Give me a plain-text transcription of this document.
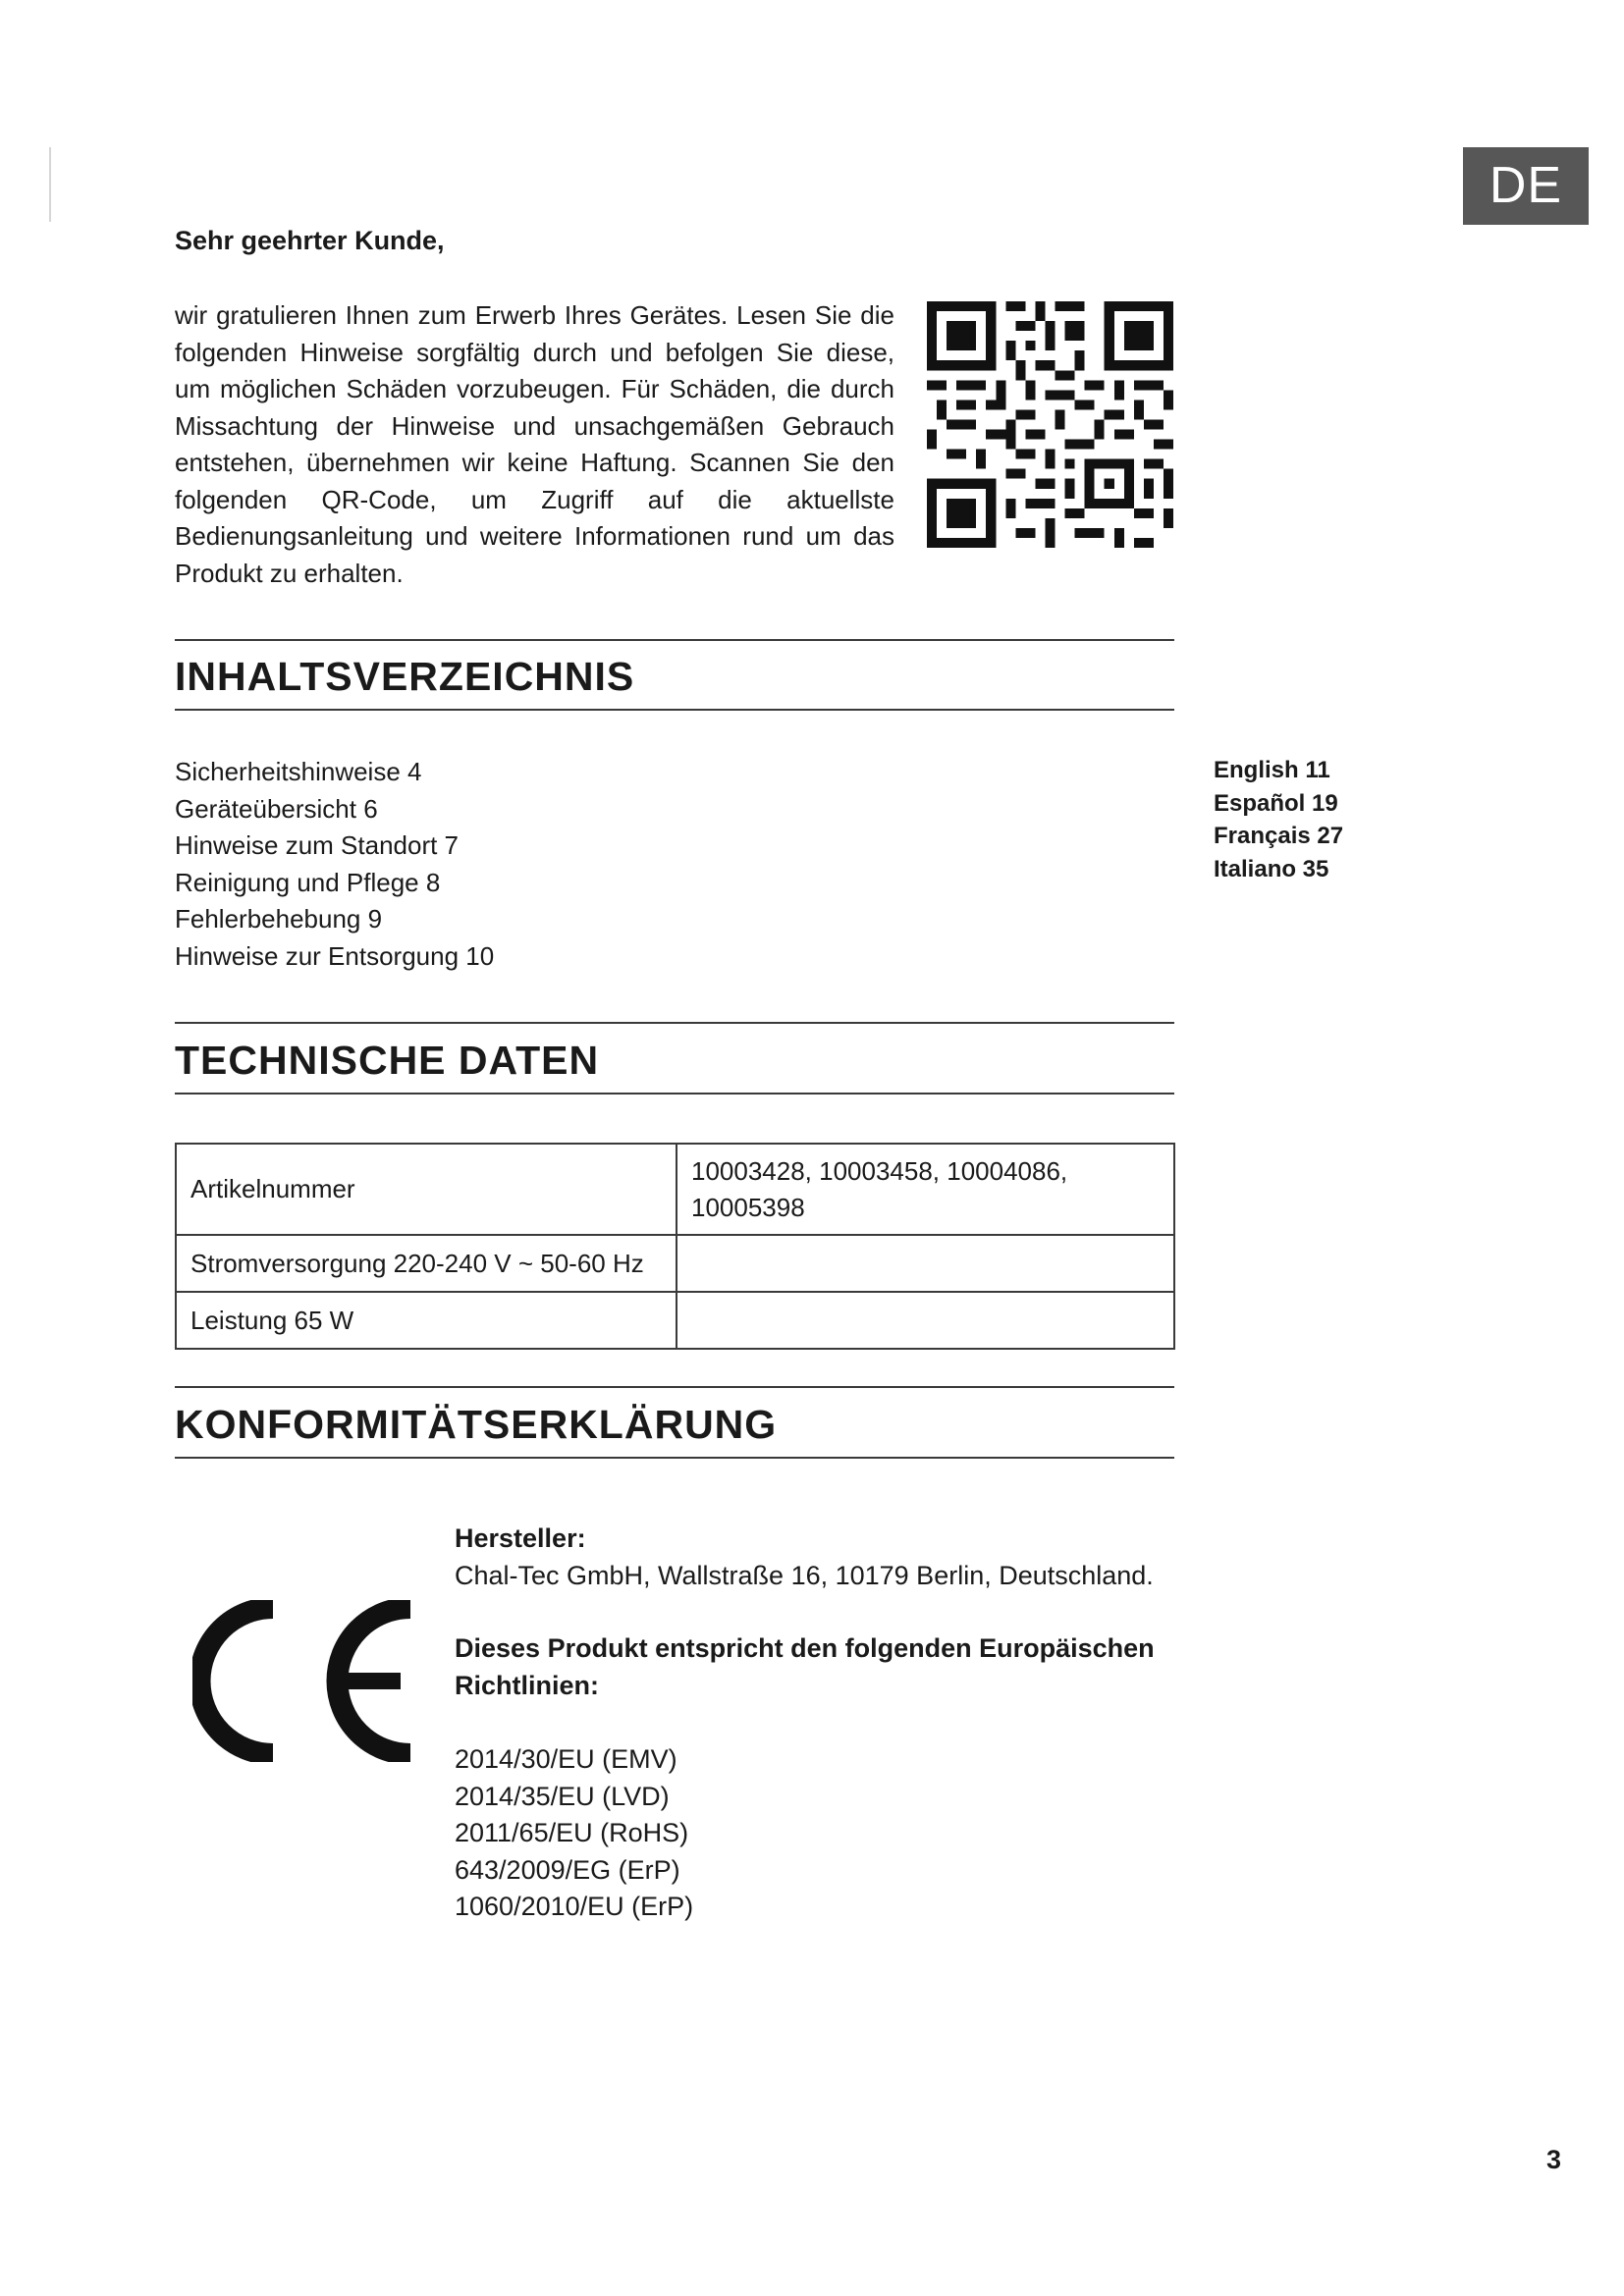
DE
Sehr geehrter Kunde,

wir gratulieren Ihnen zum Erwerb Ihres Gerätes. Lesen Sie die folgenden Hinweise sorgfältig durch und befolgen Sie diese, um möglichen Schäden vorzubeugen. Für Schäden, die durch Missachtung der Hinweise und unsachgemäßen Gebrauch entstehen, übernehmen wir keine Haftung. Scannen Sie den folgenden QR-Code, um Zugriff auf die aktuellste Bedienungsanleitung und weitere Informationen rund um das Produkt zu erhalten.

INHALTSVERZEICHNIS
Sicherheitshinweise 4
Geräteübersicht 6
Hinweise zum Standort 7
Reinigung und Pflege 8
Fehlerbehebung 9
Hinweise zur Entsorgung 10
English 11
Español 19
Français 27
Italiano 35
TECHNISCHE DATEN
Artikelnummer	10003428, 10003458, 10004086, 10005398
Stromversorgung 220-240 V ~ 50-60 Hz	
Leistung 65 W	
KONFORMITÄTSERKLÄRUNG
Hersteller:
Chal-Tec GmbH, Wallstraße 16, 10179 Berlin, Deutschland.
Dieses Produkt entspricht den folgenden Europäischen Richtlinien:
2014/30/EU (EMV)
2014/35/EU (LVD)
2011/65/EU (RoHS)
643/2009/EG (ErP)
1060/2010/EU (ErP)
3
